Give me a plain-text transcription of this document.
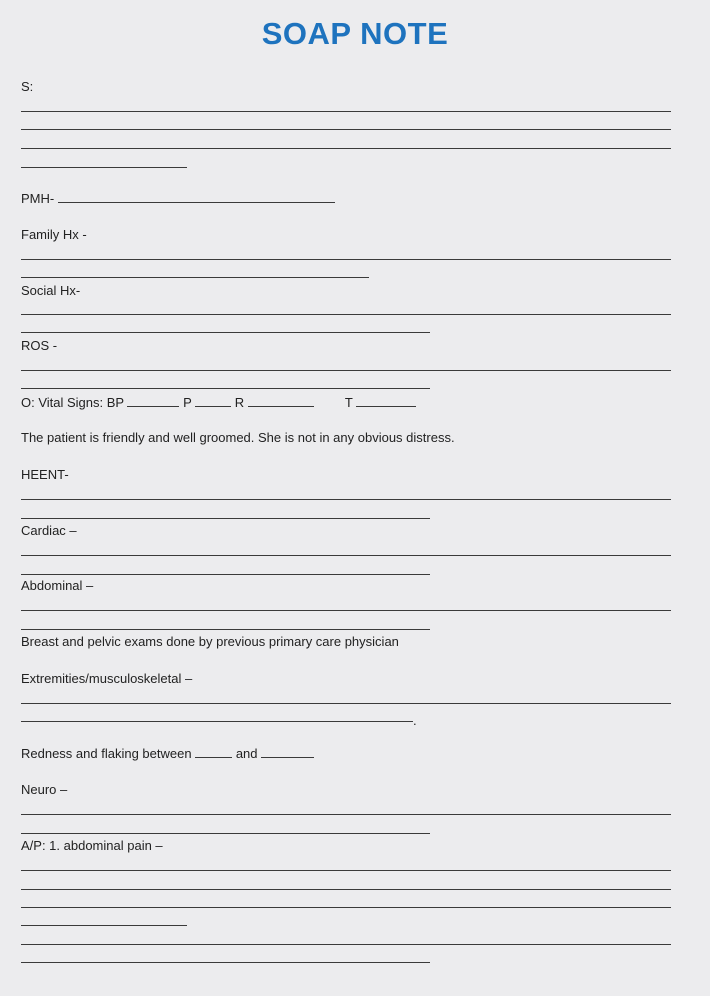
SOAP NOTE
S:
PMH-
Family Hx -
Social Hx-
ROS -
O: Vital Signs: BP	P	R	T
The patient is friendly and well groomed. She is not in any obvious distress.
HEENT-
Cardiac –
Abdominal –
Breast and pelvic exams done by previous primary care physician
Extremities/musculoskeletal –
.
Redness and flaking between	and
Neuro –
A/P: 1. abdominal pain –
